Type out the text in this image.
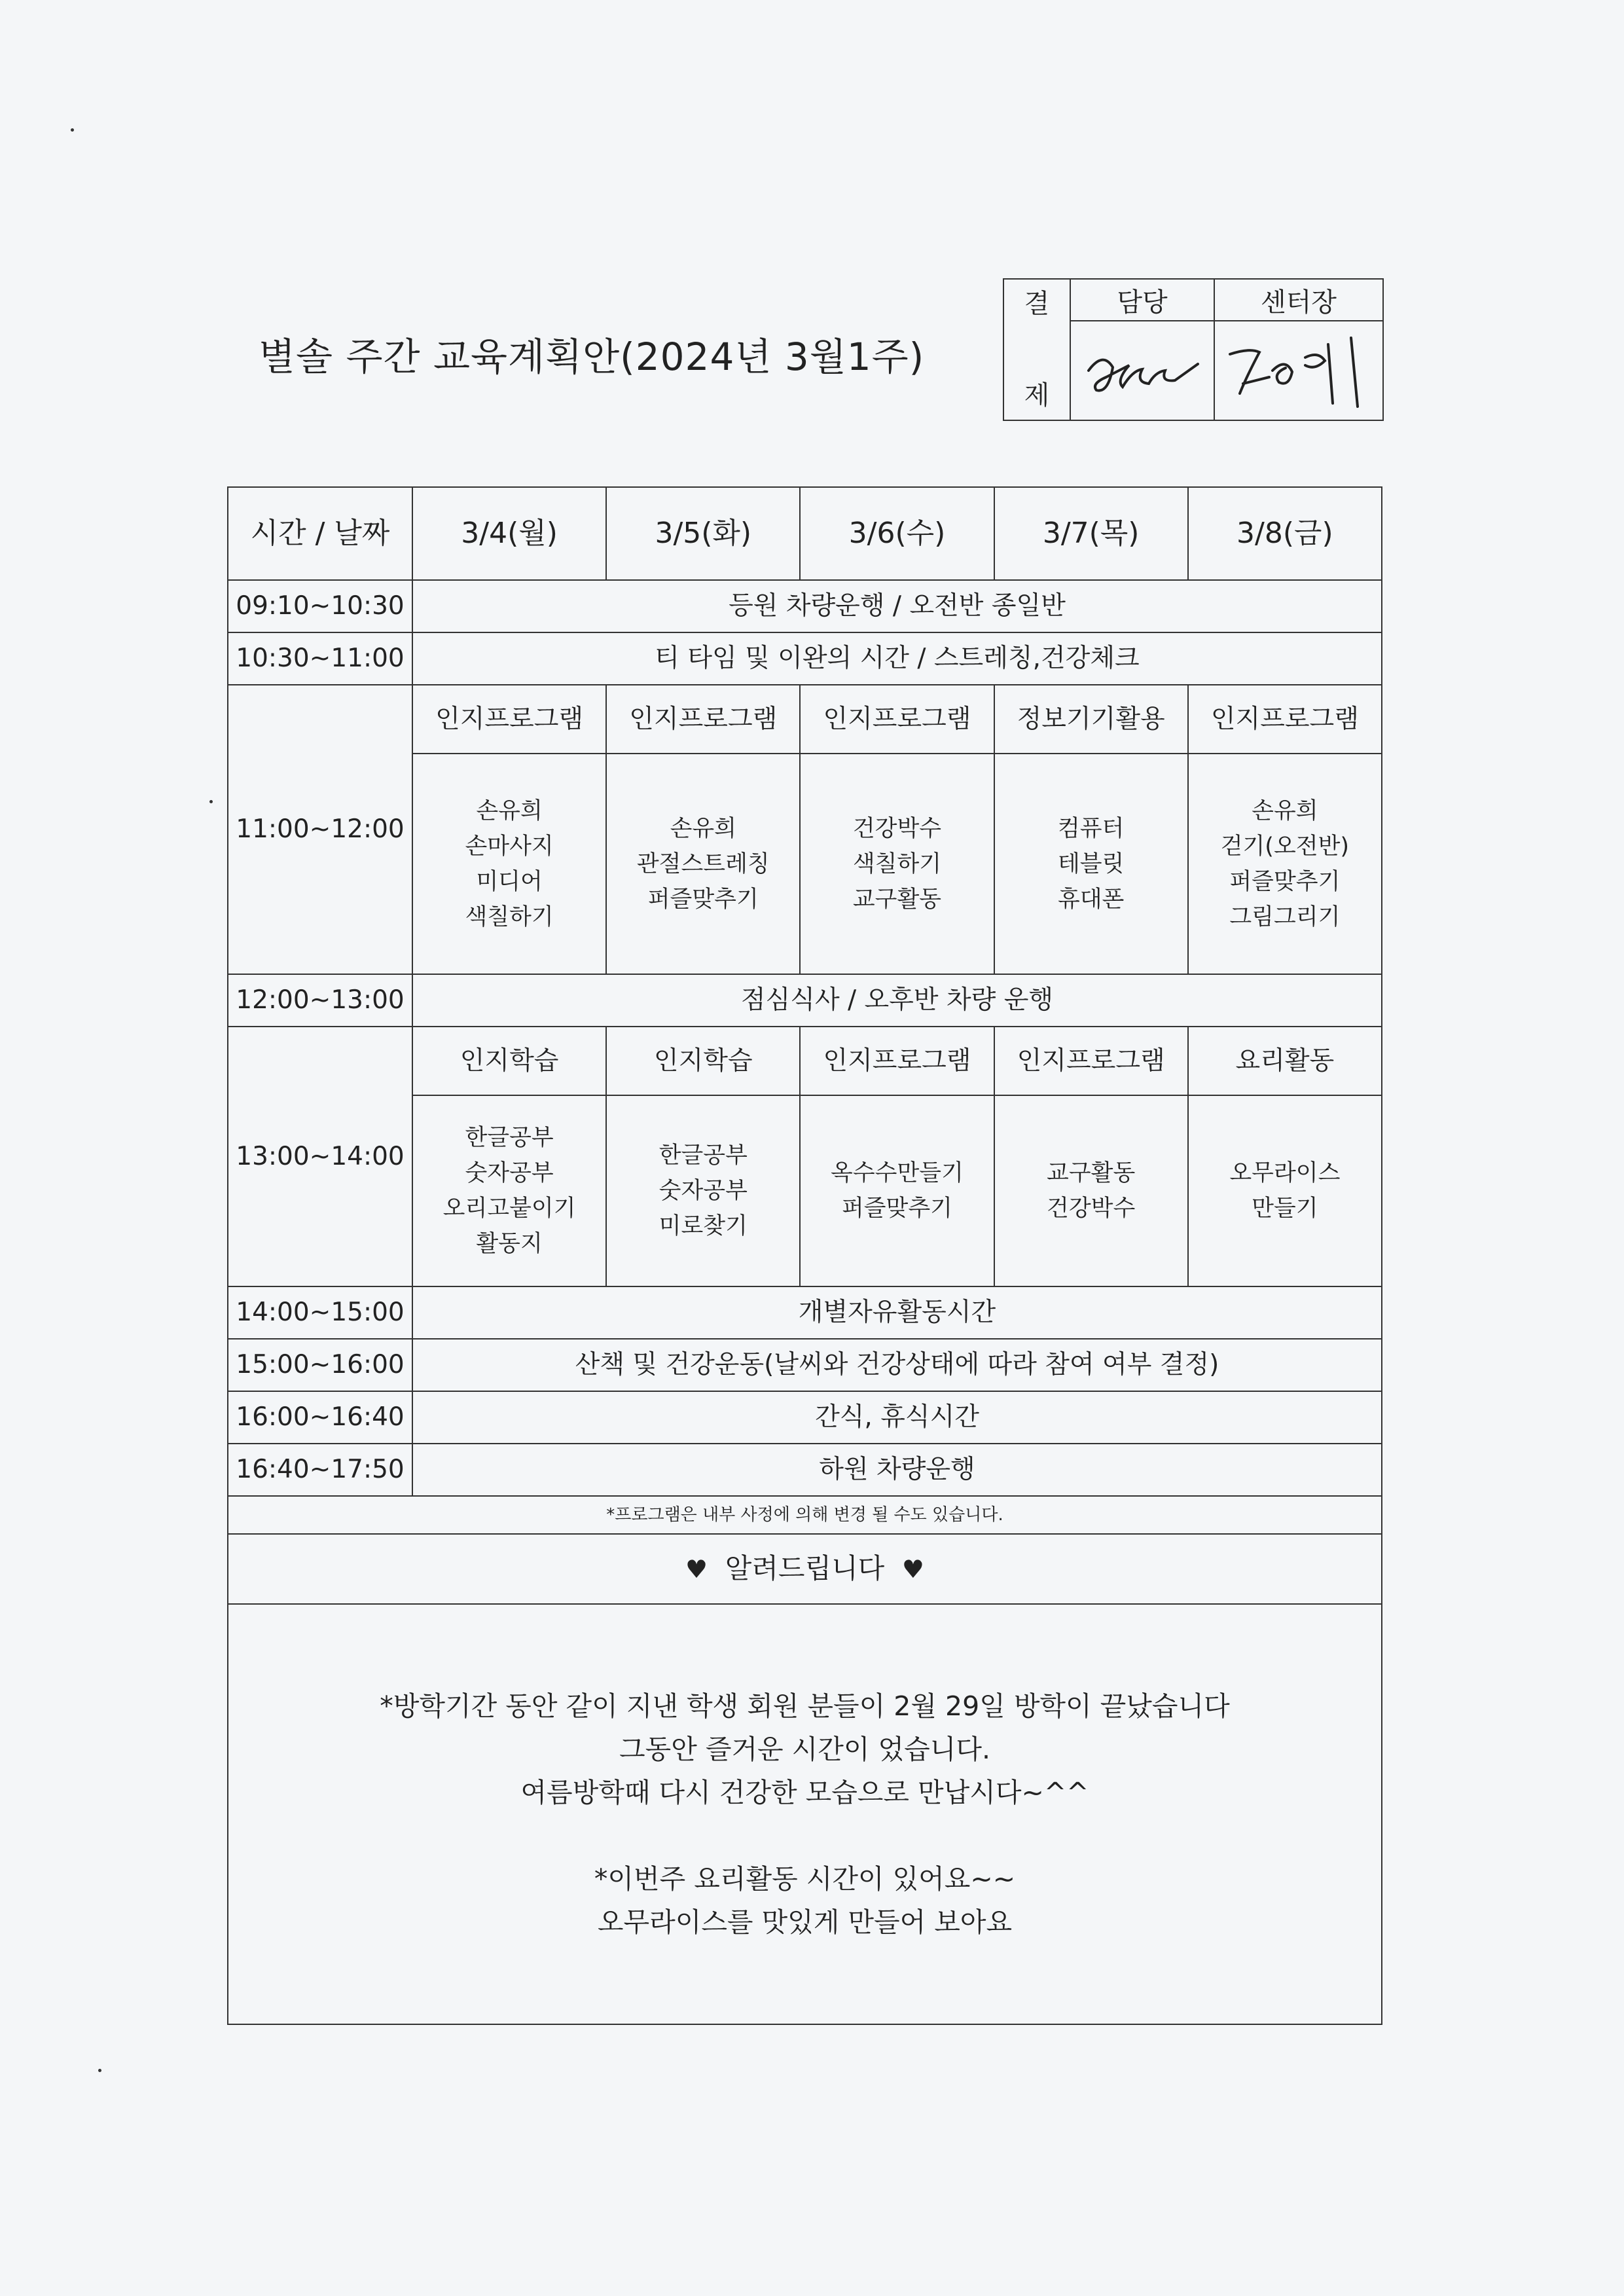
별솔 주간 교육계획안(2024년 3월1주)
결

제	담당	센터장

시간 / 날짜	3/4(월)	3/5(화)	3/6(수)	3/7(목)	3/8(금)
09:10~10:30	등원 차량운행 / 오전반 종일반				
10:30~11:00	티 타임 및 이완의 시간 / 스트레칭,건강체크				
11:00~12:00	인지프로그램	인지프로그램	인지프로그램	정보기기활용	인지프로그램
	손유희
손마사지
미디어
색칠하기	손유희
관절스트레칭
퍼즐맞추기	건강박수
색칠하기
교구활동	컴퓨터
테블릿
휴대폰	손유희
걷기(오전반)
퍼즐맞추기
그림그리기
12:00~13:00	점심식사 / 오후반 차량 운행				
13:00~14:00	인지학습	인지학습	인지프로그램	인지프로그램	요리활동
	한글공부
숫자공부
오리고붙이기
활동지	한글공부
숫자공부
미로찾기	옥수수만들기
퍼즐맞추기	교구활동
건강박수	오무라이스
만들기
14:00~15:00	개별자유활동시간				
15:00~16:00	산책 및 건강운동(날씨와 건강상태에 따라 참여 여부 결정)				
16:00~16:40	간식, 휴식시간				
16:40~17:50	하원 차량운행				
*프로그램은 내부 사정에 의해 변경 될 수도 있습니다.					
♥ 알려드립니다 ♥					
*방학기간 동안 같이 지낸 학생 회원 분들이 2월 29일 방학이 끝났습니다
그동안 즐거운 시간이 었습니다.
여름방학때 다시 건강한 모습으로 만납시다~^^
*이번주 요리활동 시간이 있어요~~
오무라이스를 맛있게 만들어 보아요					
